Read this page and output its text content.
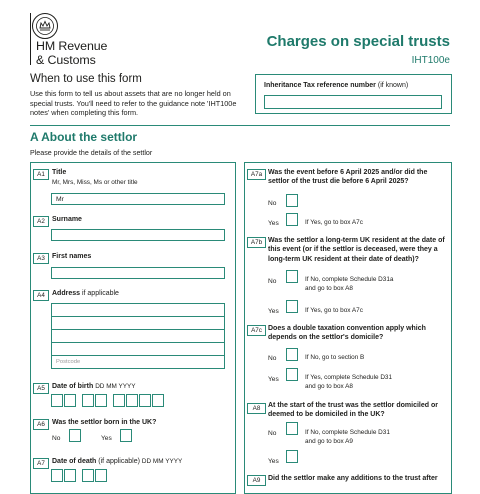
HM Revenue
& Customs
Charges on special trusts
IHT100e
When to use this form
Use this form to tell us about assets that are no longer held on special trusts. You'll need to refer to the guidance note 'IHT100e notes' when completing this form.
Inheritance Tax reference number (if known)
A About the settlor
Please provide the details of the settlor
A1	Title
Mr, Mrs, Miss, Ms or other title
Mr
A2	Surname
A3	First names
A4	Address if applicable
Postcode
A5	Date of birth DD MM YYYY
A6	Was the settlor born in the UK?
No	Yes
A7	Date of death (if applicable) DD MM YYYY
A7a Was the event before 6 April 2025 and/or did the settlor of the trust die before 6 April 2025?
No
Yes	If Yes, go to box A7c
A7b Was the settlor a long-term UK resident at the date of this event (or if the settlor is deceased, were they a long-term UK resident at their date of death)?
No	If No, complete Schedule D31a
and go to box A8
Yes	If Yes, go to box A7c
A7c Does a double taxation convention apply which depends on the settlor's domicile?
No	If No, go to section B
Yes	If Yes, complete Schedule D31
and go to box A8
A8	At the start of the trust was the settlor domiciled or deemed to be domiciled in the UK?
No	If No, complete Schedule D31
and go to box A9
Yes
A9	Did the settlor make any additions to the trust after
